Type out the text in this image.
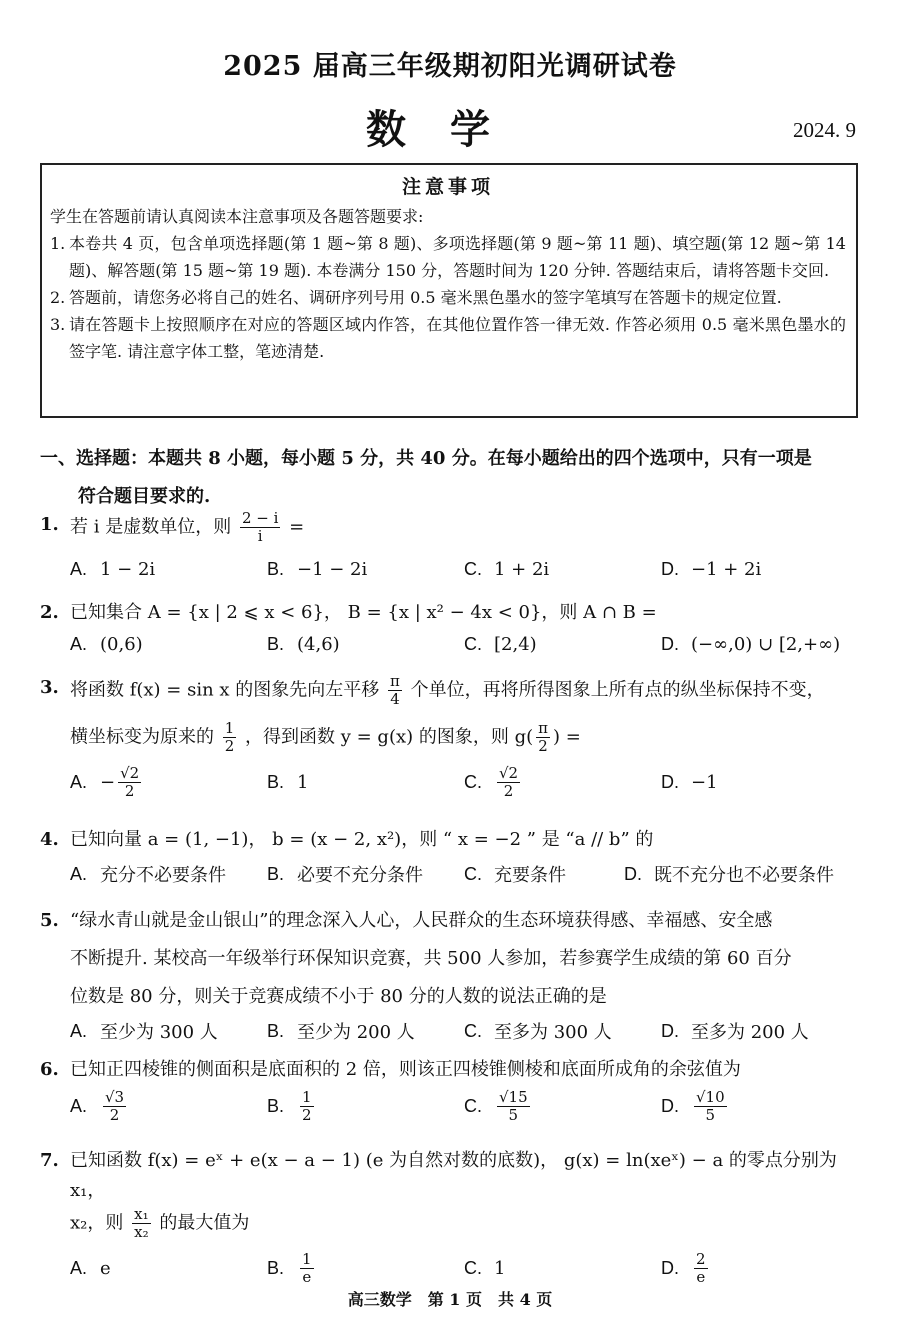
2025 届高三年级期初阳光调研试卷
数学	2024. 9
注意事项
学生在答题前请认真阅读本注意事项及各题答题要求:
1. 本卷共 4 页，包含单项选择题(第 1 题~第 8 题)、多项选择题(第 9 题~第 11 题)、填空题(第 12 题~第 14 题)、解答题(第 15 题~第 19 题). 本卷满分 150 分，答题时间为 120 分钟. 答题结束后，请将答题卡交回.
2. 答题前，请您务必将自己的姓名、调研序列号用 0.5 毫米黑色墨水的签字笔填写在答题卡的规定位置.
3. 请在答题卡上按照顺序在对应的答题区域内作答，在其他位置作答一律无效. 作答必须用 0.5 毫米黑色墨水的签字笔. 请注意字体工整，笔迹清楚.
一、选择题：本题共 8 小题，每小题 5 分，共 40 分。在每小题给出的四个选项中，只有一项是
符合题目要求的.
1. 若 i 是虚数单位，则 $\frac{2 - i}{i}$ =
A. 1 − 2i	B. −1 − 2i	C. 1 + 2i	D. −1 + 2i
2. 已知集合 A = {x | 2 ⩽ x < 6}， B = {x | x² − 4x < 0}，则 A ∩ B =
A. (0,6)	B. (4,6)	C. [2,4)	D. (−∞,0) ∪ [2,+∞)
3. 将函数 f(x) = sin x 的图象先向左平移 $\frac{\pi}{4}$ 个单位，再将所得图象上所有点的纵坐标保持不变，
横坐标变为原来的 $\frac{1}{2}$ ，得到函数 y = g(x) 的图象，则 $g( \frac{\pi}{2}$ ) =
A. − $\frac{√2}{2}$	B. 1	C.	$\frac{√2}{2}$	D. −1
4. 已知向量 a = (1, −1)， b = (x − 2, x²)，则 “ x = −2 ” 是 “a // b” 的
A. 充分不必要条件 B. 必要不充分条件 C. 充要条件	D. 既不充分也不必要条件
5. “绿水青山就是金山银山”的理念深入人心，人民群众的生态环境获得感、幸福感、安全感
不断提升. 某校高一年级举行环保知识竞赛，共 500 人参加，若参赛学生成绩的第 60 百分
位数是 80 分，则关于竞赛成绩不小于 80 分的人数的说法正确的是
A. 至少为 300 人	B. 至少为 200 人	C. 至多为 300 人	D. 至多为 200 人
6. 已知正四棱锥的侧面积是底面积的 2 倍，则该正四棱锥侧棱和底面所成角的余弦值为
A.	$\frac{√3}{2}$	B.	$\frac{1}{2}$	C.	$\frac{√15}{5}$	D.	$\frac{√10}{5}$
7. 已知函数 f(x) = eˣ + e(x − a − 1) (e 为自然对数的底数)， g(x) = ln(xeˣ) − a 的零点分别为 x₁，
x₂，则 $\frac{\text{x₁}}{\text{x₂}}$ 的最大值为
A. e	B.	$\frac{1}{e}$	C. 1	D.	$\frac{2}{e}$
高三数学　第 1 页　共 4 页
